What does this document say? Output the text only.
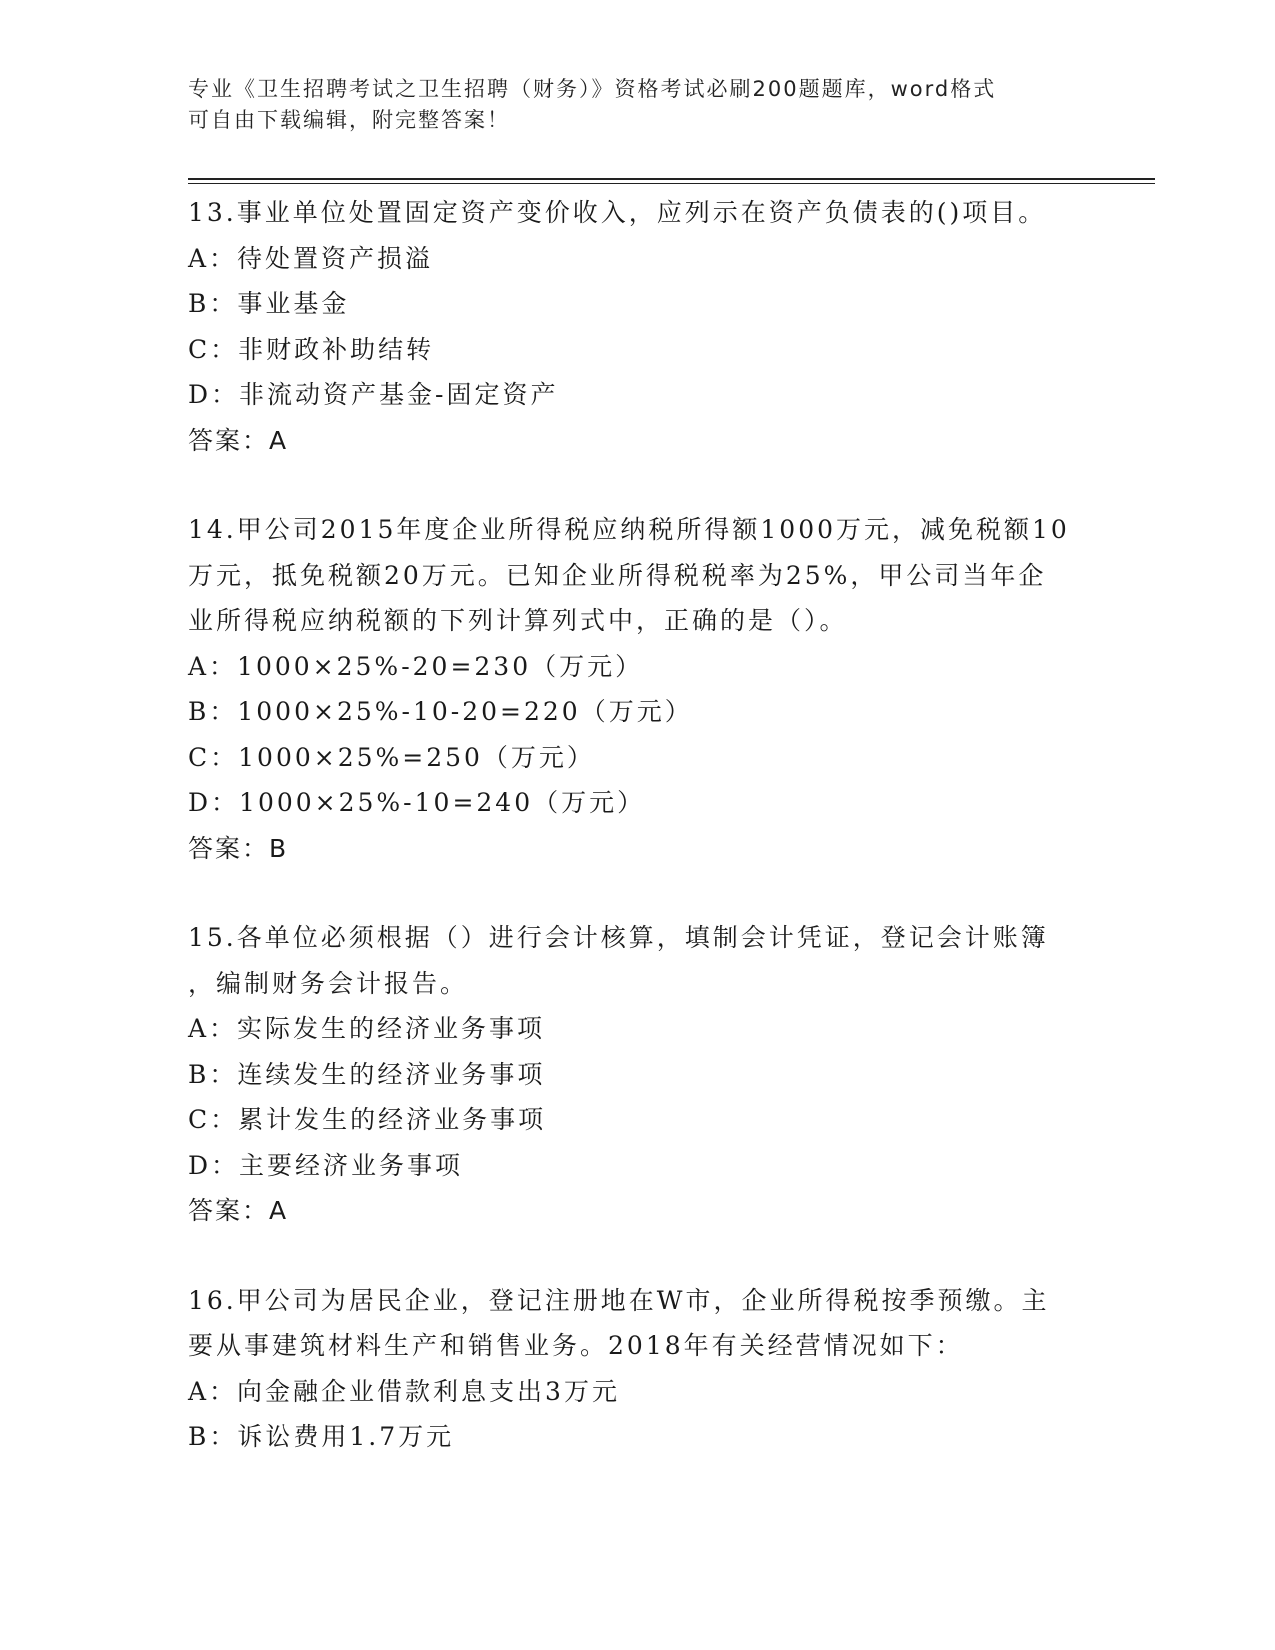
专业《卫生招聘考试之卫生招聘（财务）》资格考试必刷200题题库，word格式
可自由下载编辑，附完整答案！
13.事业单位处置固定资产变价收入，应列示在资产负债表的()项目。
A：待处置资产损溢
B：事业基金
C：非财政补助结转
D：非流动资产基金-固定资产
答案：A
14.甲公司2015年度企业所得税应纳税所得额1000万元，减免税额10
万元，抵免税额20万元。已知企业所得税税率为25%，甲公司当年企
业所得税应纳税额的下列计算列式中，正确的是（）。
A：1000×25%-20=230（万元）
B：1000×25%-10-20=220（万元）
C：1000×25%=250（万元）
D：1000×25%-10=240（万元）
答案：B
15.各单位必须根据（）进行会计核算，填制会计凭证，登记会计账簿
，编制财务会计报告。
A：实际发生的经济业务事项
B：连续发生的经济业务事项
C：累计发生的经济业务事项
D：主要经济业务事项
答案：A
16.甲公司为居民企业，登记注册地在W市，企业所得税按季预缴。主
要从事建筑材料生产和销售业务。2018年有关经营情况如下：
A：向金融企业借款利息支出3万元
B：诉讼费用1.7万元
